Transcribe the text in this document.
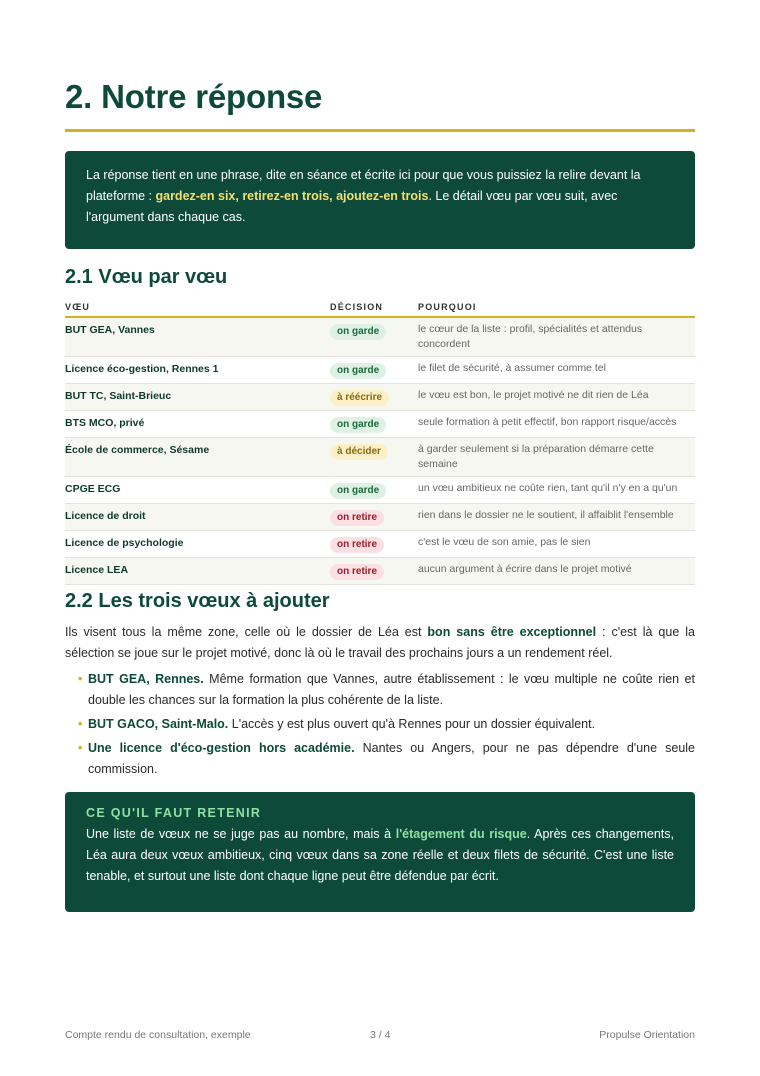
2. Notre réponse
La réponse tient en une phrase, dite en séance et écrite ici pour que vous puissiez la relire devant la plateforme : gardez-en six, retirez-en trois, ajoutez-en trois. Le détail vœu par vœu suit, avec l'argument dans chaque cas.
2.1 Vœu par vœu
VŒU	DÉCISION	POURQUOI
BUT GEA, Vannes	on garde	le cœur de la liste : profil, spécialités et attendus concordent
Licence éco-gestion, Rennes 1	on garde	le filet de sécurité, à assumer comme tel
BUT TC, Saint-Brieuc	à réécrire	le vœu est bon, le projet motivé ne dit rien de Léa
BTS MCO, privé	on garde	seule formation à petit effectif, bon rapport risque/accès
École de commerce, Sésame	à décider	à garder seulement si la préparation démarre cette semaine
CPGE ECG	on garde	un vœu ambitieux ne coûte rien, tant qu'il n'y en a qu'un
Licence de droit	on retire	rien dans le dossier ne le soutient, il affaiblit l'ensemble
Licence de psychologie	on retire	c'est le vœu de son amie, pas le sien
Licence LEA	on retire	aucun argument à écrire dans le projet motivé
2.2 Les trois vœux à ajouter

Ils visent tous la même zone, celle où le dossier de Léa est bon sans être exceptionnel : c'est là que la sélection se joue sur le projet motivé, donc là où le travail des prochains jours a un rendement réel.

• BUT GEA, Rennes. Même formation que Vannes, autre établissement : le vœu multiple ne coûte rien et double les chances sur la formation la plus cohérente de la liste.
• BUT GACO, Saint-Malo. L'accès y est plus ouvert qu'à Rennes pour un dossier équivalent.
• Une licence d'éco-gestion hors académie. Nantes ou Angers, pour ne pas dépendre d'une seule commission.
CE QU'IL FAUT RETENIR

Une liste de vœux ne se juge pas au nombre, mais à l'étagement du risque. Après ces changements, Léa aura deux vœux ambitieux, cinq vœux dans sa zone réelle et deux filets de sécurité. C'est une liste tenable, et surtout une liste dont chaque ligne peut être défendue par écrit.

Compte rendu de consultation, exemple	3 / 4	Propulse Orientation
